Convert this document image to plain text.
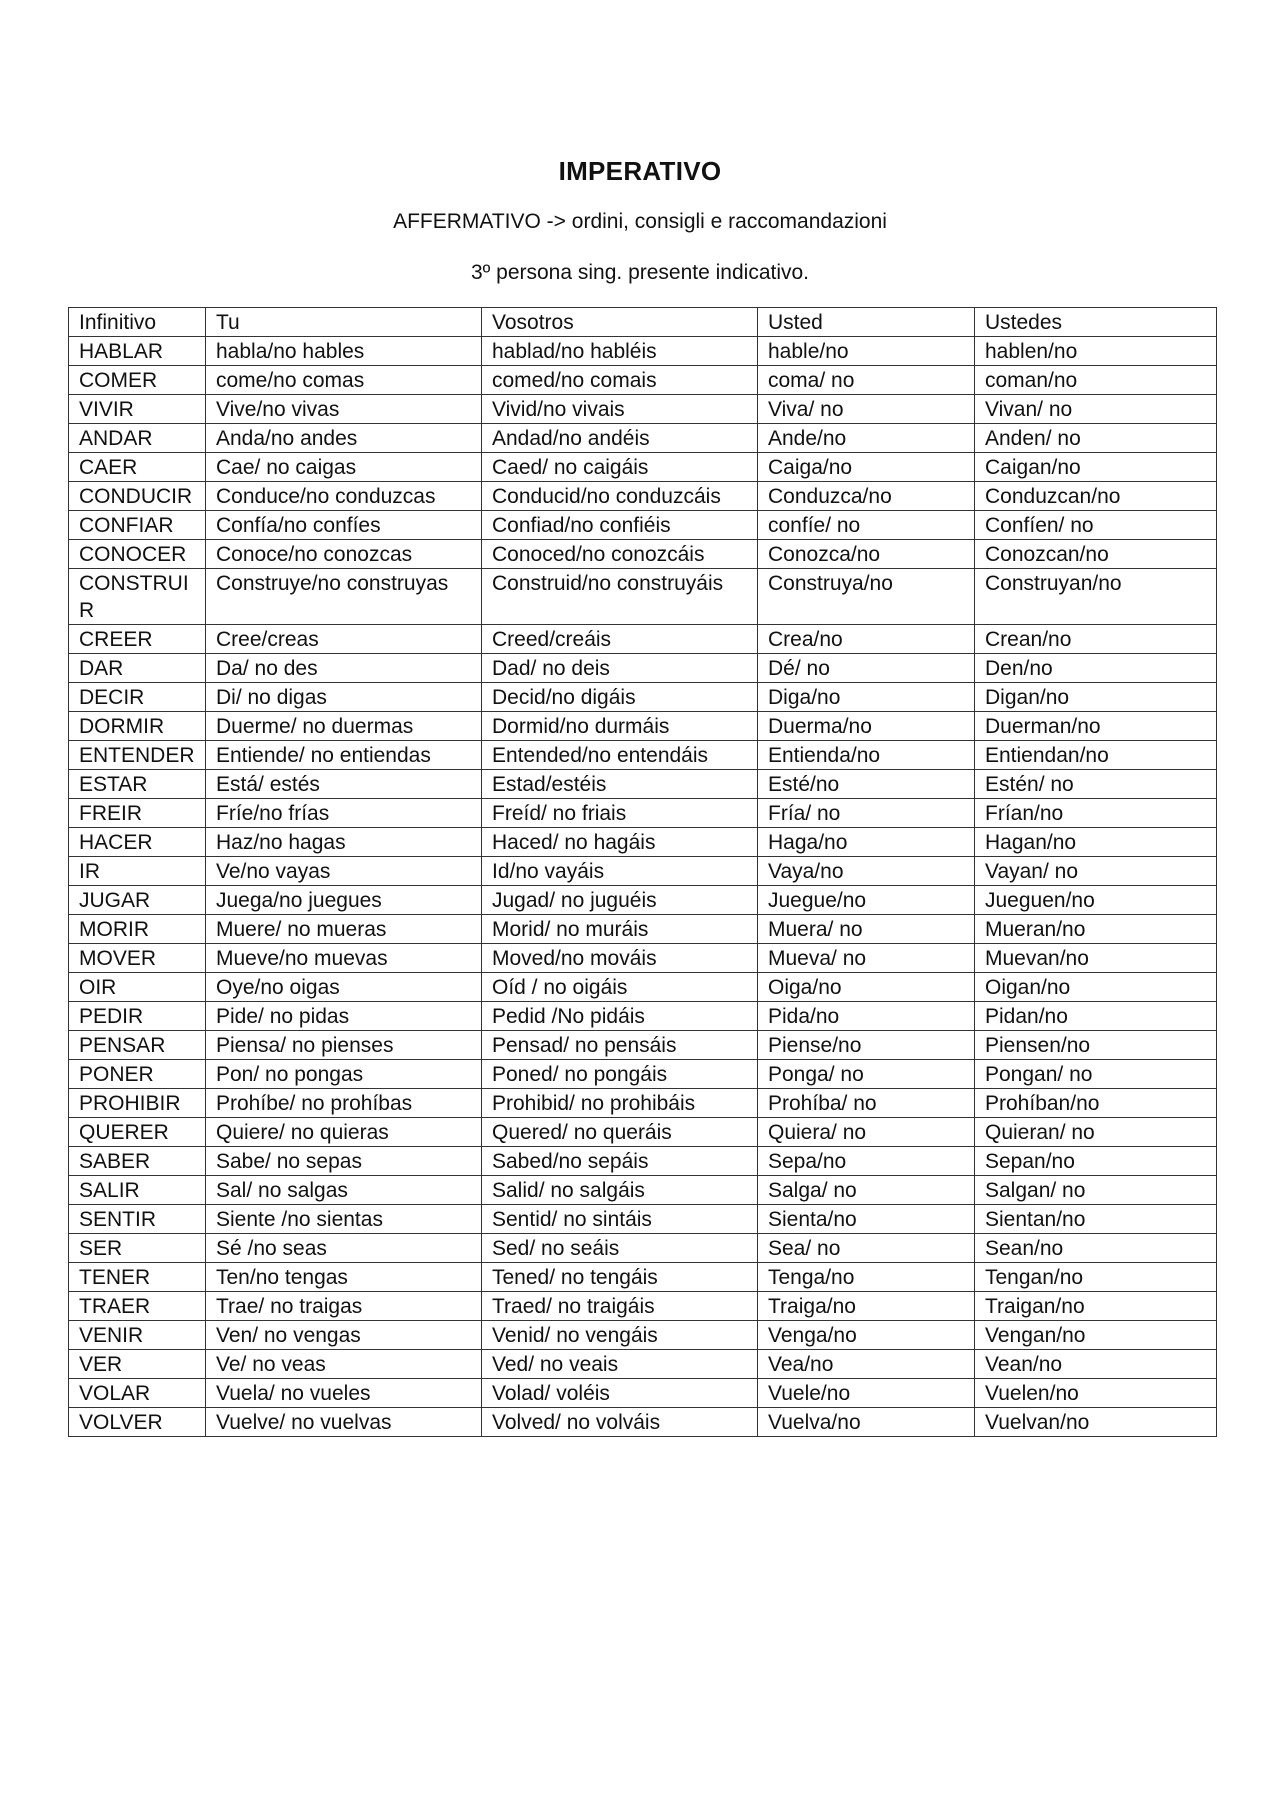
IMPERATIVO
AFFERMATIVO -> ordini, consigli e raccomandazioni
3º persona sing. presente indicativo.
Infinitivo	Tu	Vosotros	Usted	Ustedes
HABLAR	habla/no hables	hablad/no habléis	hable/no	hablen/no
COMER	come/no comas	comed/no comais	coma/ no	coman/no
VIVIR	Vive/no vivas	Vivid/no vivais	Viva/ no	Vivan/ no
ANDAR	Anda/no andes	Andad/no andéis	Ande/no	Anden/ no
CAER	Cae/ no caigas	Caed/ no caigáis	Caiga/no	Caigan/no
CONDUCIR	Conduce/no conduzcas	Conducid/no conduzcáis	Conduzca/no	Conduzcan/no
CONFIAR	Confía/no confíes	Confiad/no confiéis	confíe/ no	Confíen/ no
CONOCER	Conoce/no conozcas	Conoced/no conozcáis	Conozca/no	Conozcan/no
CONSTRUIR	Construye/no construyas	Construid/no construyáis	Construya/no	Construyan/no
CREER	Cree/creas	Creed/creáis	Crea/no	Crean/no
DAR	Da/ no des	Dad/ no deis	Dé/ no	Den/no
DECIR	Di/ no digas	Decid/no digáis	Diga/no	Digan/no
DORMIR	Duerme/ no duermas	Dormid/no durmáis	Duerma/no	Duerman/no
ENTENDER	Entiende/ no entiendas	Entended/no entendáis	Entienda/no	Entiendan/no
ESTAR	Está/ estés	Estad/estéis	Esté/no	Estén/ no
FREIR	Fríe/no frías	Freíd/ no friais	Fría/ no	Frían/no
HACER	Haz/no hagas	Haced/ no hagáis	Haga/no	Hagan/no
IR	Ve/no vayas	Id/no vayáis	Vaya/no	Vayan/ no
JUGAR	Juega/no juegues	Jugad/ no juguéis	Juegue/no	Jueguen/no
MORIR	Muere/ no mueras	Morid/ no muráis	Muera/ no	Mueran/no
MOVER	Mueve/no muevas	Moved/no mováis	Mueva/ no	Muevan/no
OIR	Oye/no oigas	Oíd / no oigáis	Oiga/no	Oigan/no
PEDIR	Pide/ no pidas	Pedid /No pidáis	Pida/no	Pidan/no
PENSAR	Piensa/ no pienses	Pensad/ no pensáis	Piense/no	Piensen/no
PONER	Pon/ no pongas	Poned/ no pongáis	Ponga/ no	Pongan/ no
PROHIBIR	Prohíbe/ no prohíbas	Prohibid/ no prohibáis	Prohíba/ no	Prohíban/no
QUERER	Quiere/ no quieras	Quered/ no queráis	Quiera/ no	Quieran/ no
SABER	Sabe/ no sepas	Sabed/no sepáis	Sepa/no	Sepan/no
SALIR	Sal/ no salgas	Salid/ no salgáis	Salga/ no	Salgan/ no
SENTIR	Siente /no sientas	Sentid/ no sintáis	Sienta/no	Sientan/no
SER	Sé /no seas	Sed/ no seáis	Sea/ no	Sean/no
TENER	Ten/no tengas	Tened/ no tengáis	Tenga/no	Tengan/no
TRAER	Trae/ no traigas	Traed/ no traigáis	Traiga/no	Traigan/no
VENIR	Ven/ no vengas	Venid/ no vengáis	Venga/no	Vengan/no
VER	Ve/ no veas	Ved/ no veais	Vea/no	Vean/no
VOLAR	Vuela/ no vueles	Volad/ voléis	Vuele/no	Vuelen/no
VOLVER	Vuelve/ no vuelvas	Volved/ no volváis	Vuelva/no	Vuelvan/no
